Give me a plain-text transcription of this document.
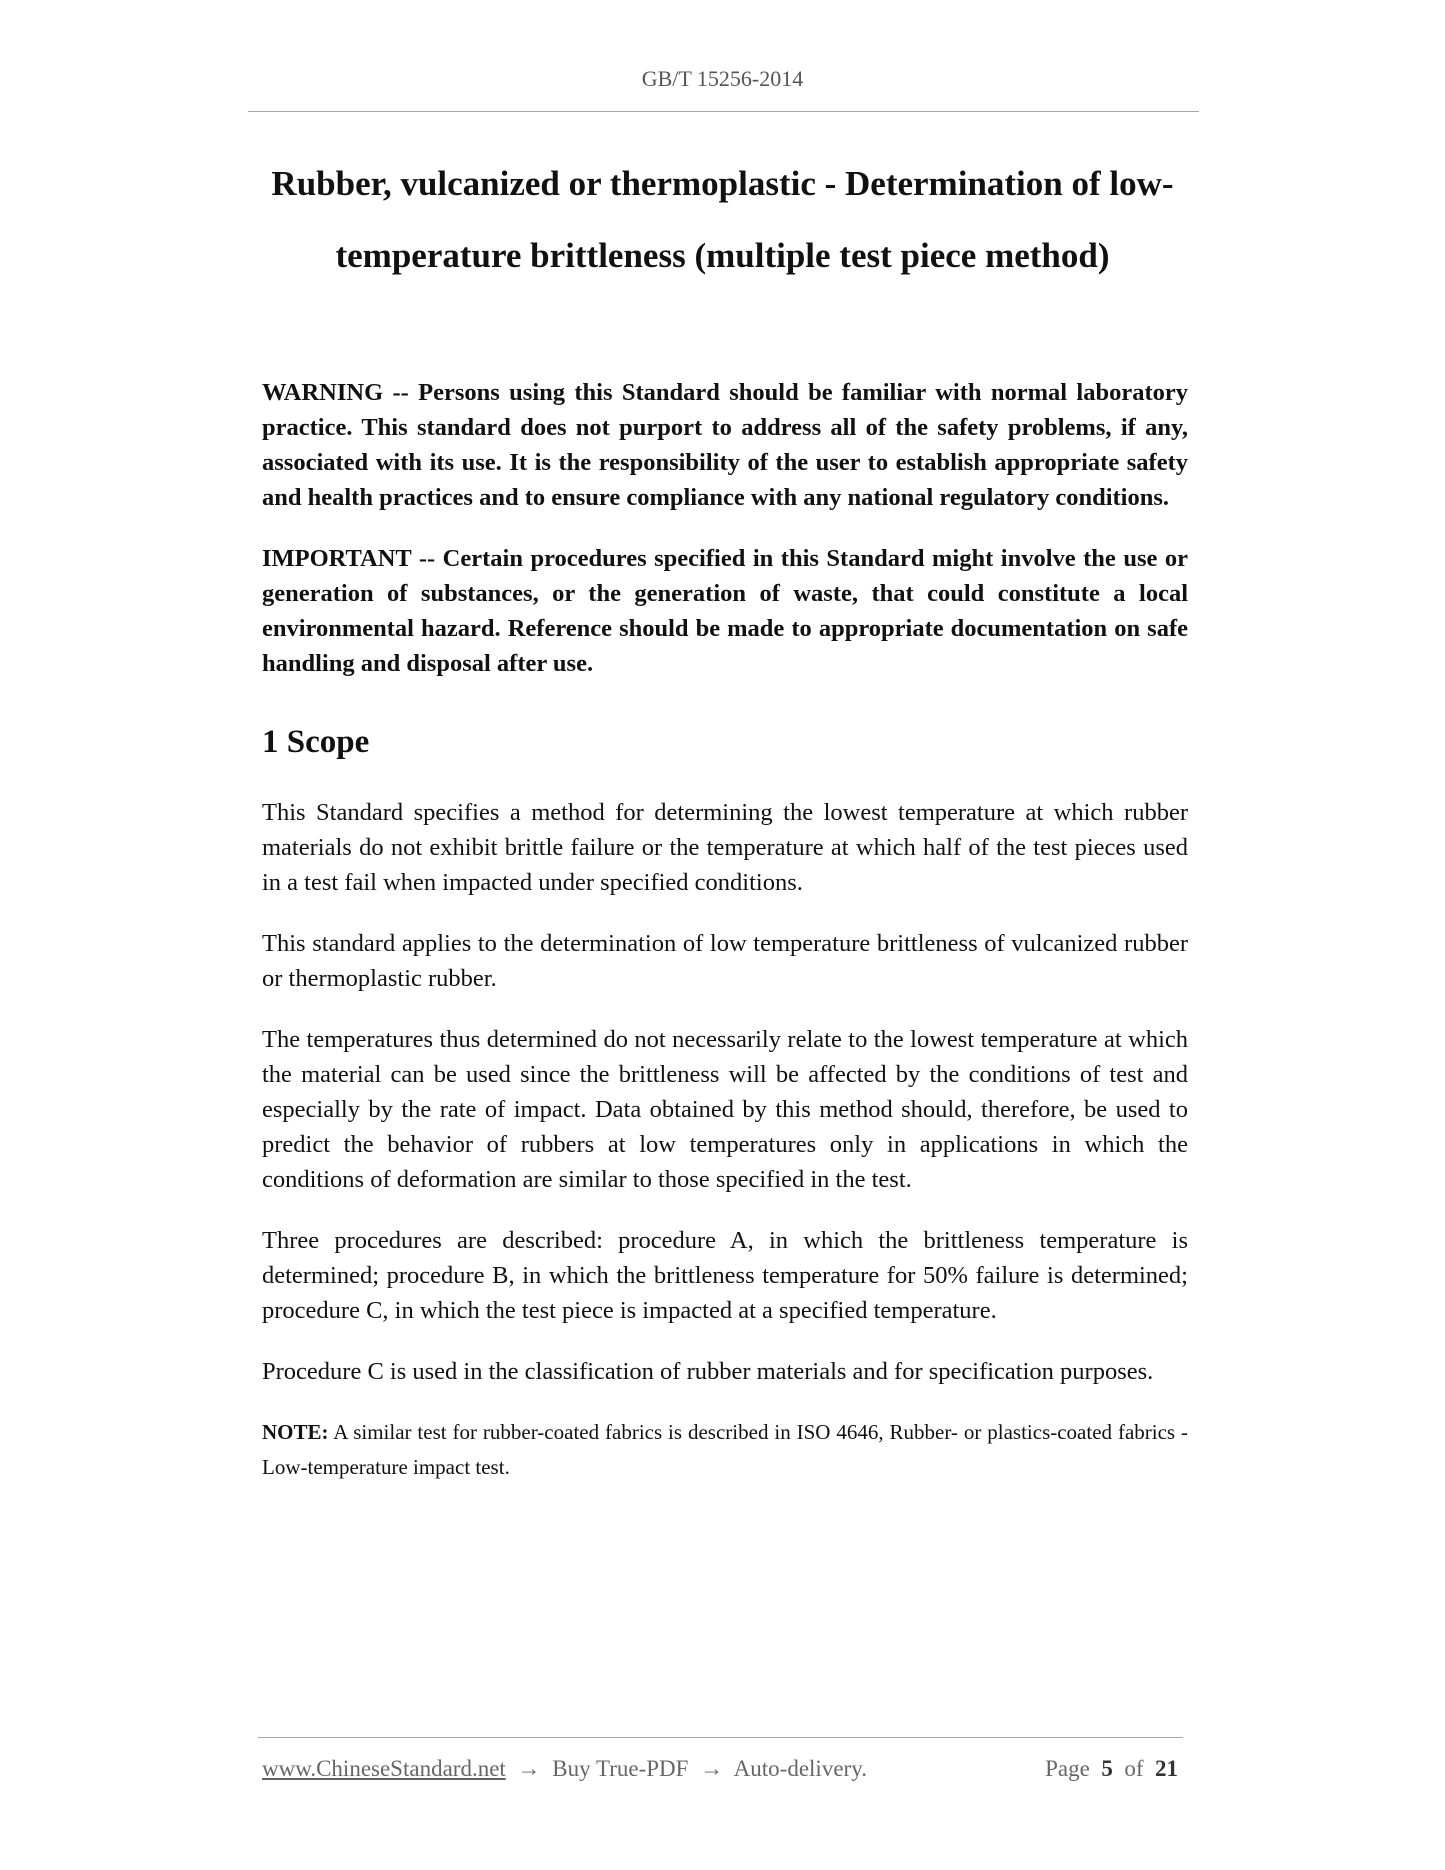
GB/T 15256-2014
Rubber, vulcanized or thermoplastic - Determination of low-
temperature brittleness (multiple test piece method)

WARNING -- Persons using this Standard should be familiar with normal laboratory practice. This standard does not purport to address all of the safety problems, if any, associated with its use. It is the responsibility of the user to establish appropriate safety and health practices and to ensure compliance with any national regulatory conditions.

IMPORTANT -- Certain procedures specified in this Standard might involve the use or generation of substances, or the generation of waste, that could constitute a local environmental hazard. Reference should be made to appropriate documentation on safe handling and disposal after use.

1 Scope

This Standard specifies a method for determining the lowest temperature at which rubber materials do not exhibit brittle failure or the temperature at which half of the test pieces used in a test fail when impacted under specified conditions.

This standard applies to the determination of low temperature brittleness of vulcanized rubber or thermoplastic rubber.

The temperatures thus determined do not necessarily relate to the lowest temperature at which the material can be used since the brittleness will be affected by the conditions of test and especially by the rate of impact. Data obtained by this method should, therefore, be used to predict the behavior of rubbers at low temperatures only in applications in which the conditions of deformation are similar to those specified in the test.

Three procedures are described: procedure A, in which the brittleness temperature is determined; procedure B, in which the brittleness temperature for 50% failure is determined; procedure C, in which the test piece is impacted at a specified temperature.

Procedure C is used in the classification of rubber materials and for specification purposes.

NOTE: A similar test for rubber-coated fabrics is described in ISO 4646, Rubber- or plastics-coated fabrics - Low-temperature impact test.

www.ChineseStandard.net → Buy True-PDF → Auto-delivery.	Page 5 of 21
